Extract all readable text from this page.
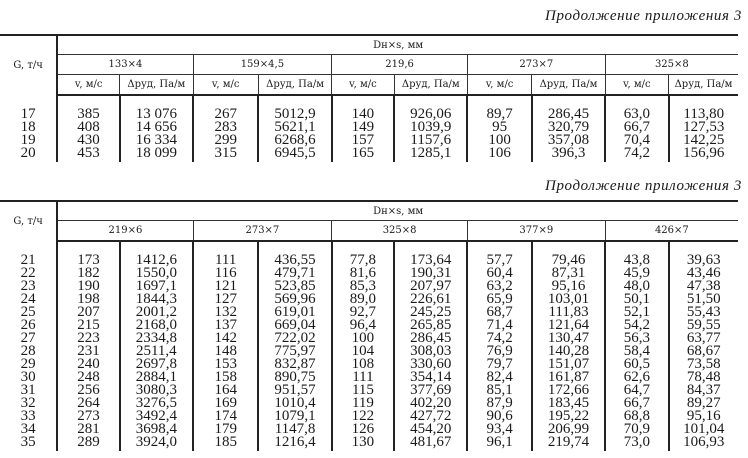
Продолжение приложения 3
G, т/ч	Dн×s, мм									
	133×4		159×4,5		219,6		273×7		325×8	
	v, м/с	Δpуд, Па/м	v, м/с	Δpуд, Па/м	v, м/с	Δpуд, Па/м	v, м/с	Δpуд, Па/м	v, м/с	Δpуд, Па/м
17	385	13 076	267	5012,9	140	926,06	89,7	286,45	63,0	113,80
18	408	14 656	283	5621,1	149	1039,9	95	320,79	66,7	127,53
19	430	16 334	299	6268,6	157	1157,6	100	357,08	70,4	142,25
20	453	18 099	315	6945,5	165	1285,1	106	396,3	74,2	156,96
Продолжение приложения 3
G, т/ч	Dн×s, мм									
	219×6		273×7		325×8		377×9		426×7	
21	173	1412,6	111	436,55	77,8	173,64	57,7	79,46	43,8	39,63
22	182	1550,0	116	479,71	81,6	190,31	60,4	87,31	45,9	43,46
23	190	1697,1	121	523,85	85,3	207,97	63,2	95,16	48,0	47,38
24	198	1844,3	127	569,96	89,0	226,61	65,9	103,01	50,1	51,50
25	207	2001,2	132	619,01	92,7	245,25	68,7	111,83	52,1	55,43
26	215	2168,0	137	669,04	96,4	265,85	71,4	121,64	54,2	59,55
27	223	2334,8	142	722,02	100	286,45	74,2	130,47	56,3	63,77
28	231	2511,4	148	775,97	104	308,03	76,9	140,28	58,4	68,67
29	240	2697,8	153	832,87	108	330,60	79,7	151,07	60,5	73,58
30	248	2884,1	158	890,75	111	354,14	82,4	161,87	62,6	78,48
31	256	3080,3	164	951,57	115	377,69	85,1	172,66	64,7	84,37
32	264	3276,5	169	1010,4	119	402,20	87,9	183,45	66,7	89,27
33	273	3492,4	174	1079,1	122	427,72	90,6	195,22	68,8	95,16
34	281	3698,4	179	1147,8	126	454,20	93,4	206,99	70,9	101,04
35	289	3924,0	185	1216,4	130	481,67	96,1	219,74	73,0	106,93
